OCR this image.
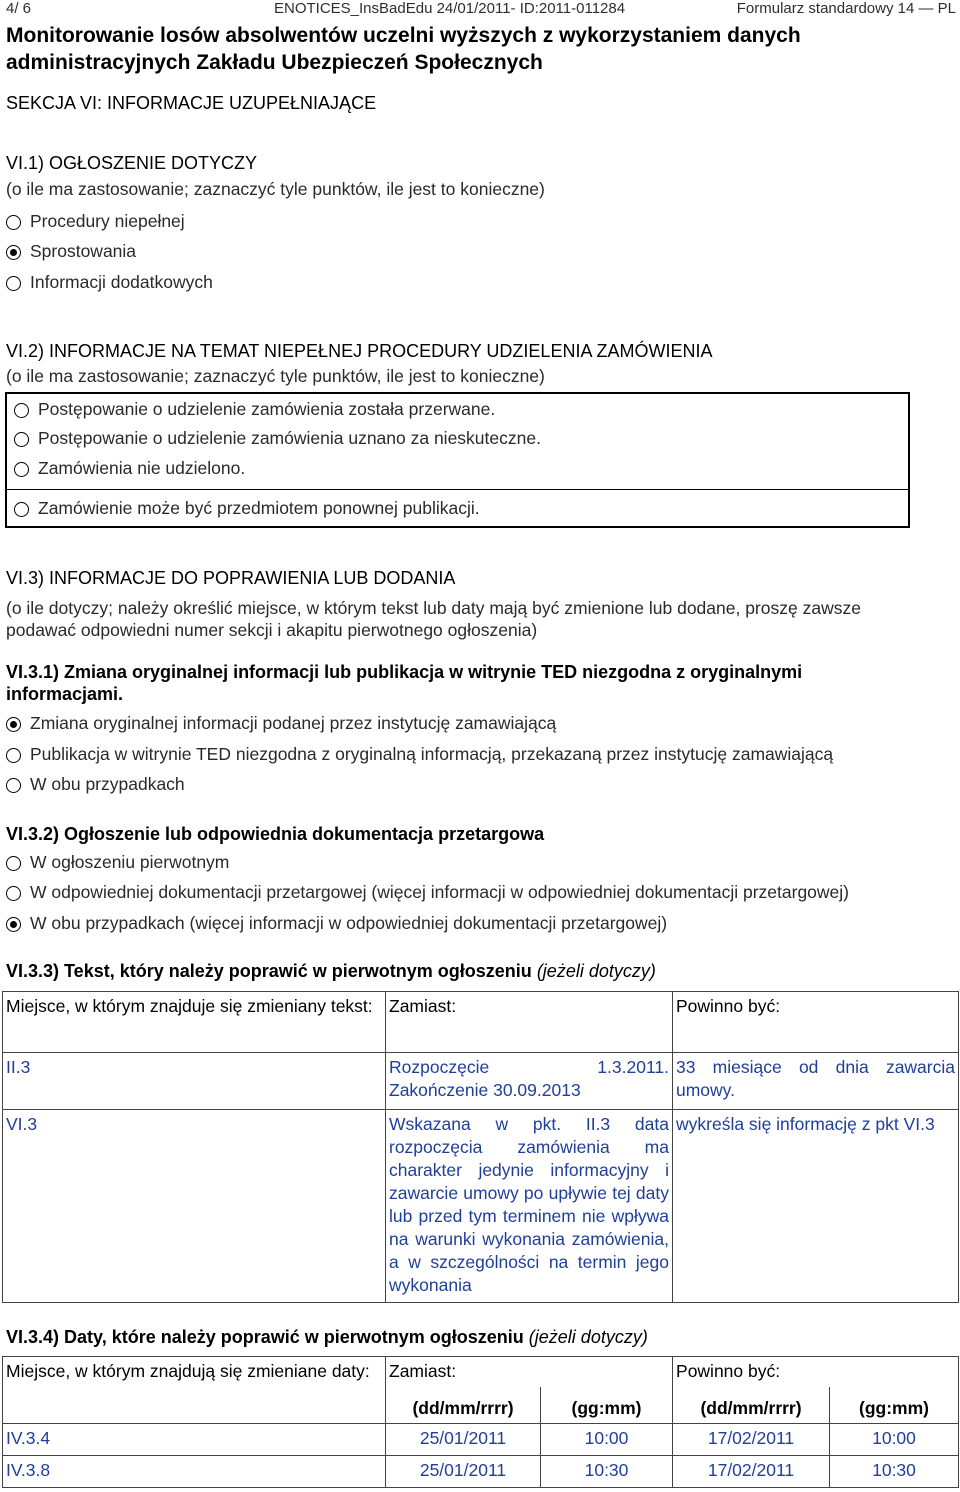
4/ 6	ENOTICES_InsBadEdu 24/01/2011- ID:2011-011284	Formularz standardowy 14 — PL
Monitorowanie losów absolwentów uczelni wyższych z wykorzystaniem danych
administracyjnych Zakładu Ubezpieczeń Społecznych
SEKCJA VI: INFORMACJE UZUPEŁNIAJĄCE
VI.1) OGŁOSZENIE DOTYCZY
(o ile ma zastosowanie; zaznaczyć tyle punktów, ile jest to konieczne)
Procedury niepełnej
Sprostowania
Informacji dodatkowych
VI.2) INFORMACJE NA TEMAT NIEPEŁNEJ PROCEDURY UDZIELENIA ZAMÓWIENIA
(o ile ma zastosowanie; zaznaczyć tyle punktów, ile jest to konieczne)
Postępowanie o udzielenie zamówienia została przerwane.
Postępowanie o udzielenie zamówienia uznano za nieskuteczne.
Zamówienia nie udzielono.
Zamówienie może być przedmiotem ponownej publikacji.
VI.3) INFORMACJE DO POPRAWIENIA LUB DODANIA
(o ile dotyczy; należy określić miejsce, w którym tekst lub daty mają być zmienione lub dodane, proszę zawsze
podawać odpowiedni numer sekcji i akapitu pierwotnego ogłoszenia)
VI.3.1) Zmiana oryginalnej informacji lub publikacja w witrynie TED niezgodna z oryginalnymi
informacjami.
Zmiana oryginalnej informacji podanej przez instytucję zamawiającą
Publikacja w witrynie TED niezgodna z oryginalną informacją, przekazaną przez instytucję zamawiającą
W obu przypadkach
VI.3.2) Ogłoszenie lub odpowiednia dokumentacja przetargowa
W ogłoszeniu pierwotnym
W odpowiedniej dokumentacji przetargowej (więcej informacji w odpowiedniej dokumentacji przetargowej)
W obu przypadkach (więcej informacji w odpowiedniej dokumentacji przetargowej)
VI.3.3) Tekst, który należy poprawić w pierwotnym ogłoszeniu (jeżeli dotyczy)
Miejsce, w którym znajduje się zmieniany tekst:	Zamiast:	Powinno być:
II.3	Rozpoczęcie 1.3.2011. Zakończenie 30.09.2013	33 miesiące od dnia zawarcia umowy.
VI.3	Wskazana w pkt. II.3 data rozpoczęcia zamówienia ma charakter jedynie informacyjny i zawarcie umowy po upływie tej daty lub przed tym terminem nie wpływa na warunki wykonania zamówienia, a w szczególności na termin jego wykonania	wykreśla się informację z pkt VI.3
VI.3.4) Daty, które należy poprawić w pierwotnym ogłoszeniu (jeżeli dotyczy)
Miejsce, w którym znajdują się zmieniane daty:	Zamiast:		Powinno być:	
	(dd/mm/rrrr)	(gg:mm)	(dd/mm/rrrr)	(gg:mm)
IV.3.4	25/01/2011	10:00	17/02/2011	10:00
IV.3.8	25/01/2011	10:30	17/02/2011	10:30
